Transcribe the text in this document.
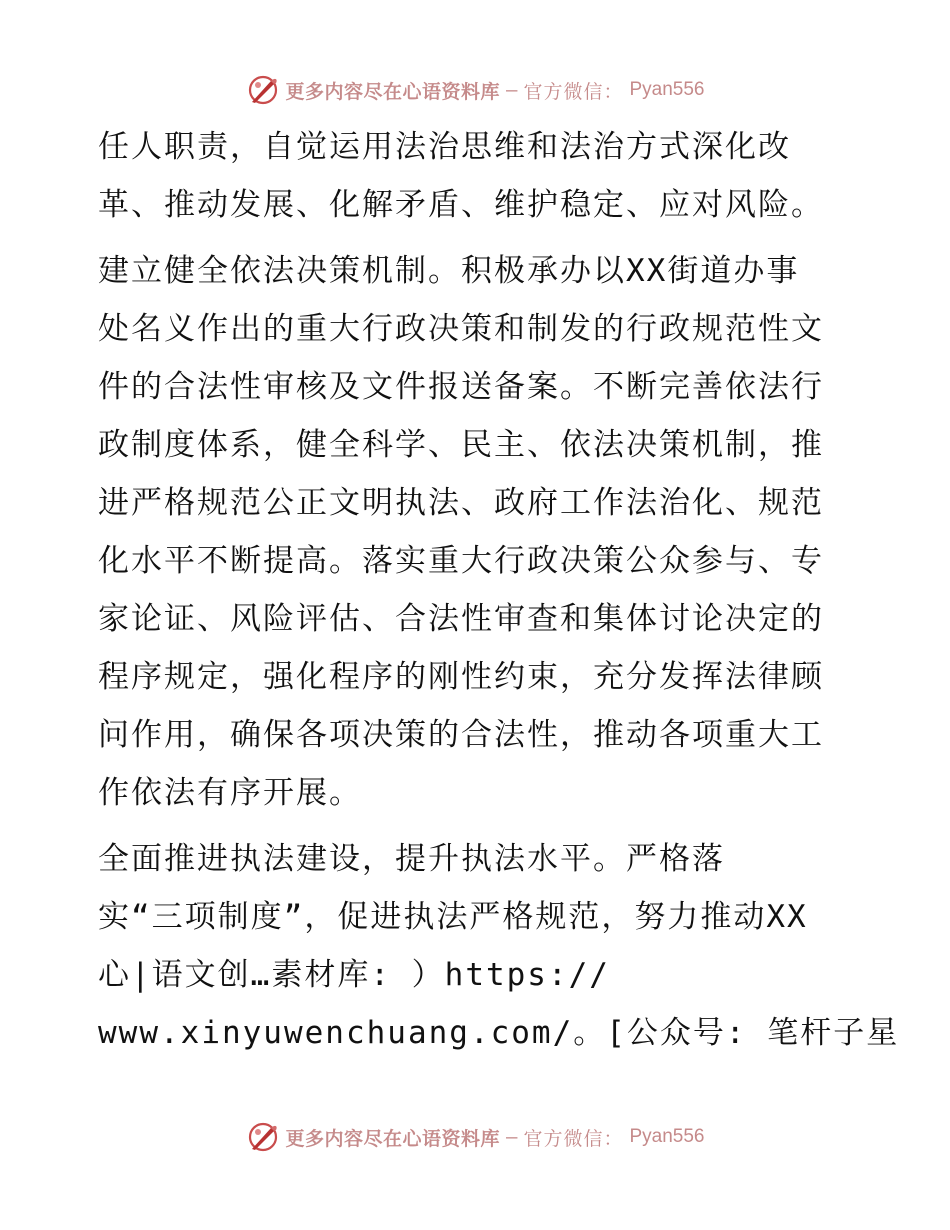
更多内容尽在心语资料库 — 官方微信： Pyan556

任人职责，自觉运用法治思维和法治方式深化改
革、推动发展、化解矛盾、维护稳定、应对风险。

建立健全依法决策机制。积极承办以XX街道办事
处名义作出的重大行政决策和制发的行政规范性文
件的合法性审核及文件报送备案。不断完善依法行
政制度体系，健全科学、民主、依法决策机制，推
进严格规范公正文明执法、政府工作法治化、规范
化水平不断提高。落实重大行政决策公众参与、专
家论证、风险评估、合法性审查和集体讨论决定的
程序规定，强化程序的刚性约束，充分发挥法律顾
问作用，确保各项决策的合法性，推动各项重大工
作依法有序开展。

全面推进执法建设，提升执法水平。严格落
实“三项制度”，促进执法严格规范，努力推动XX
心|语文创…素材库: ）https://
www.xinyuwenchuang.com/。[公众号: 笔杆子星

更多内容尽在心语资料库 — 官方微信： Pyan556
